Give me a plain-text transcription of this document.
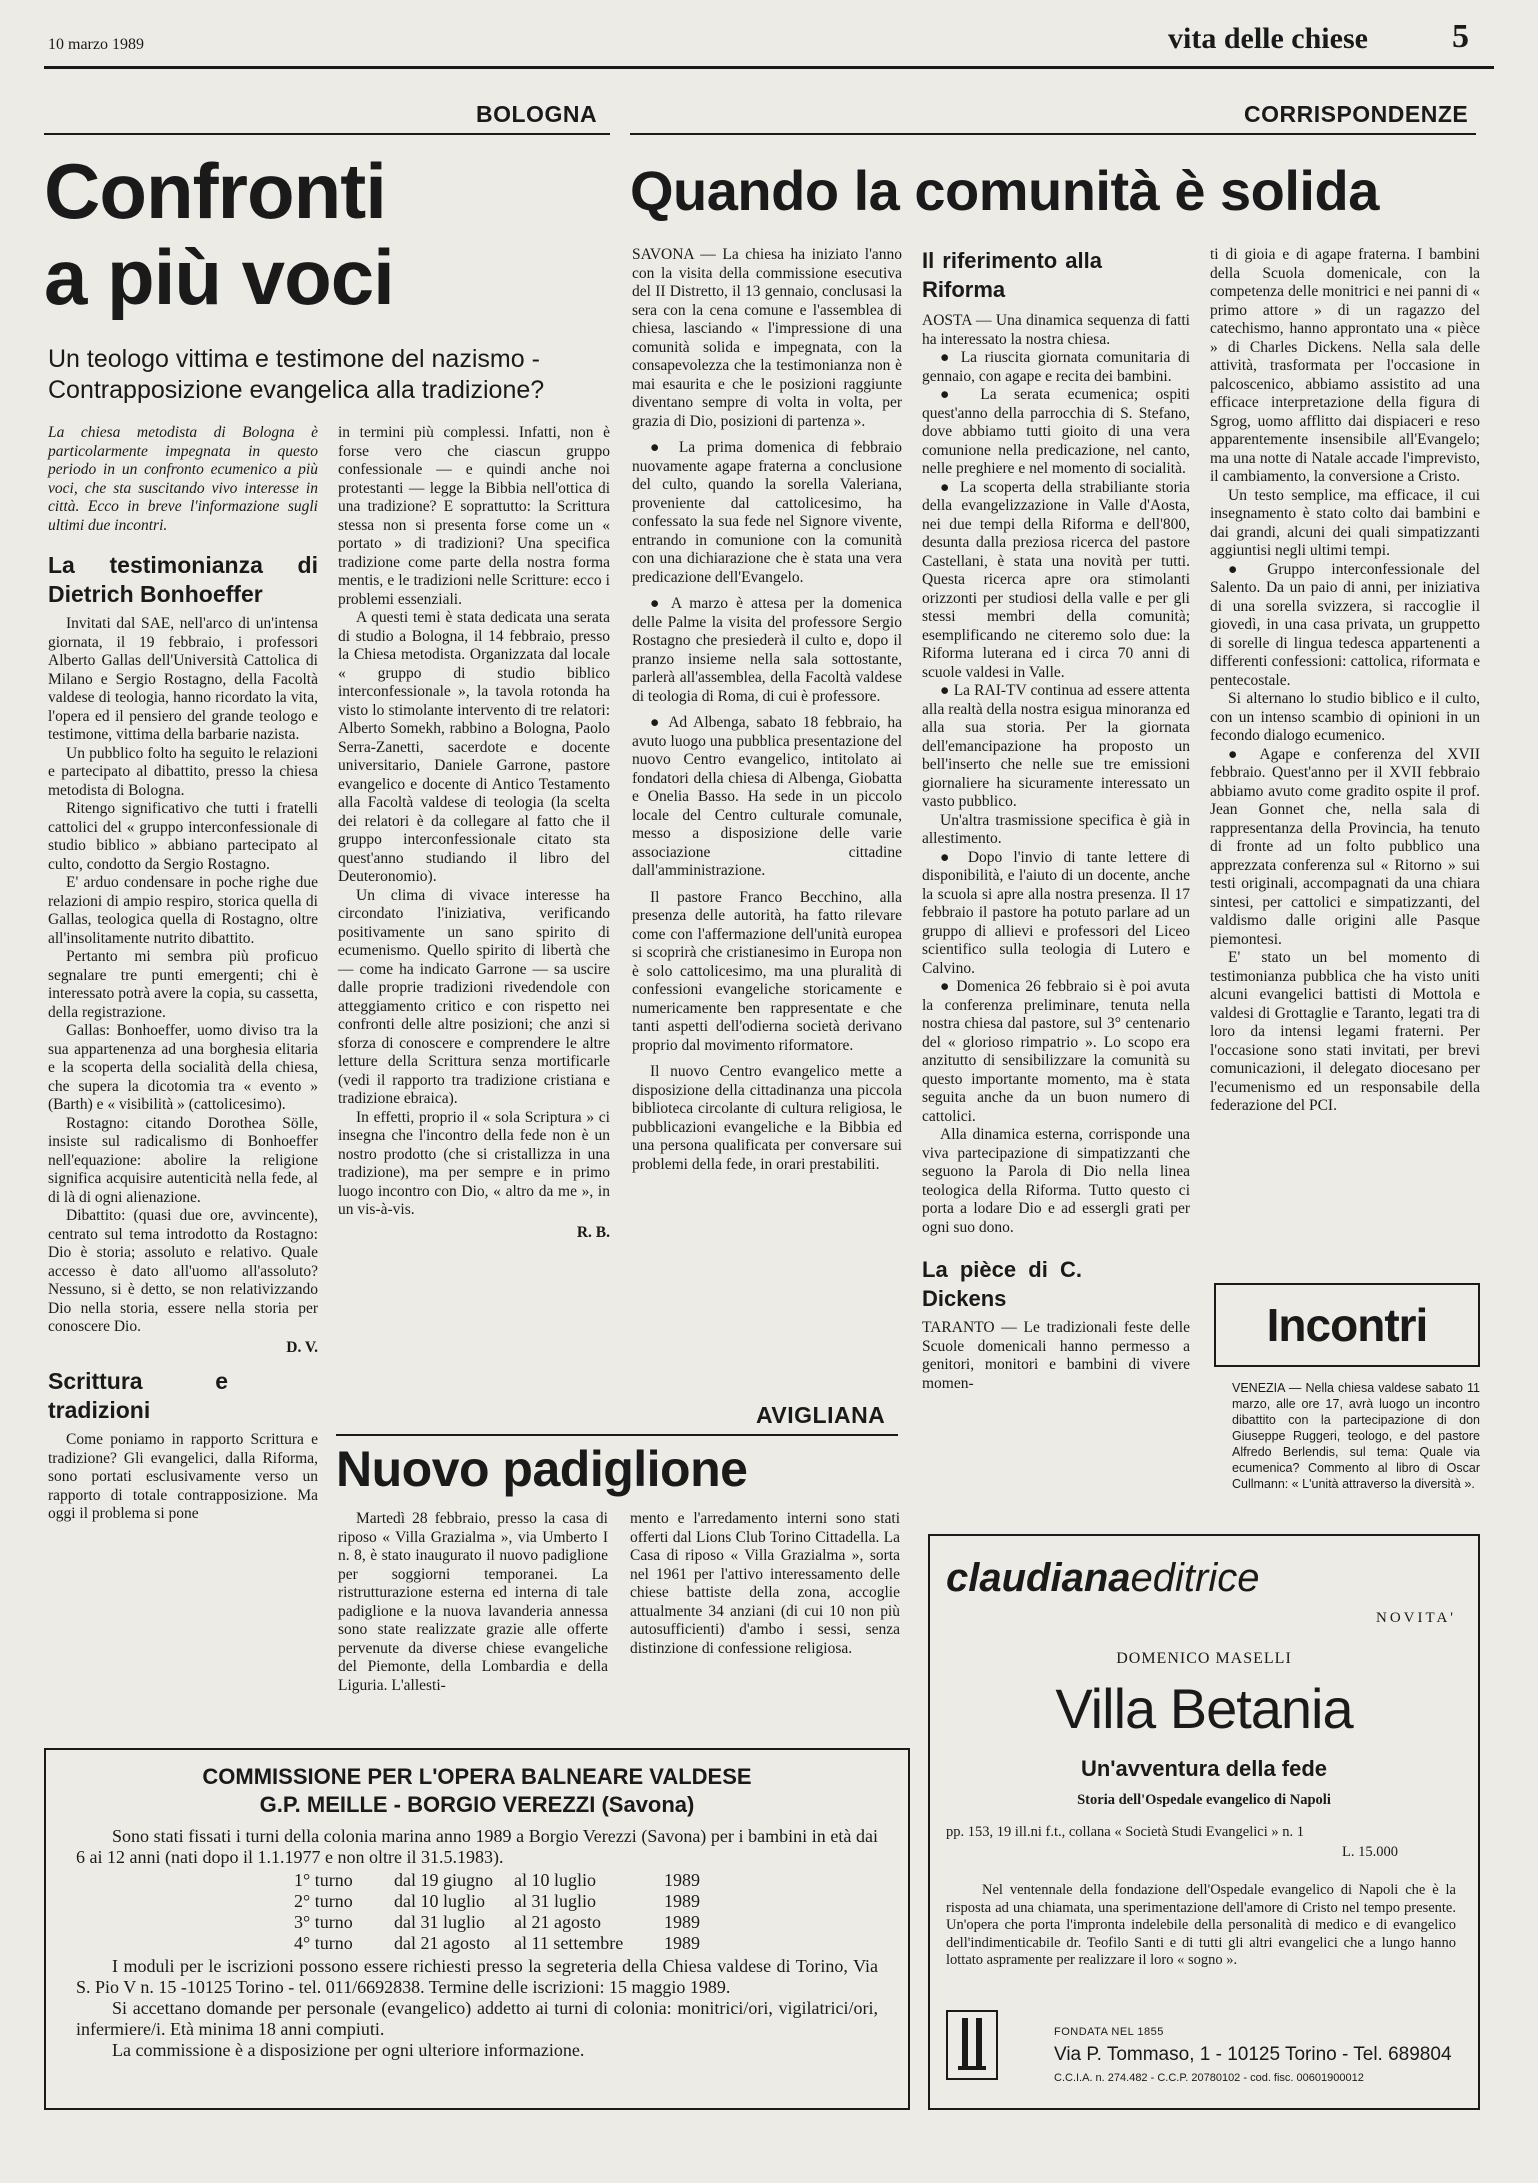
10 marzo 1989	vita delle chiese 5
BOLOGNA
Confronti
a più voci
Un teologo vittima e testimone del nazismo - Contrapposizione evangelica alla tradizione?
La chiesa metodista di Bologna è particolarmente impegnata in questo periodo in un confronto ecumenico a più voci, che sta suscitando vivo interesse in città. Ecco in breve l'informazione sugli ultimi due incontri.
La testimonianza di Dietrich Bonhoeffer

Invitati dal SAE, nell'arco di un'intensa giornata, il 19 febbraio, i professori Alberto Gallas dell'Università Cattolica di Milano e Sergio Rostagno, della Facoltà valdese di teologia, hanno ricordato la vita, l'opera ed il pensiero del grande teologo e testimone, vittima della barbarie nazista.

Un pubblico folto ha seguito le relazioni e partecipato al dibattito, presso la chiesa metodista di Bologna.

Ritengo significativo che tutti i fratelli cattolici del « gruppo interconfessionale di studio biblico » abbiano partecipato al culto, condotto da Sergio Rostagno.

E' arduo condensare in poche righe due relazioni di ampio respiro, storica quella di Gallas, teologica quella di Rostagno, oltre all'insolitamente nutrito dibattito.

Pertanto mi sembra più proficuo segnalare tre punti emergenti; chi è interessato potrà avere la copia, su cassetta, della registrazione.

Gallas: Bonhoeffer, uomo diviso tra la sua appartenenza ad una borghesia elitaria e la scoperta della socialità della chiesa, che supera la dicotomia tra « evento » (Barth) e « visibilità » (cattolicesimo).

Rostagno: citando Dorothea Sölle, insiste sul radicalismo di Bonhoeffer nell'equazione: abolire la religione significa acquisire autenticità nella fede, al di là di ogni alienazione.

Dibattito: (quasi due ore, avvincente), centrato sul tema introdotto da Rostagno: Dio è storia; assoluto e relativo. Quale accesso è dato all'uomo all'assoluto? Nessuno, si è detto, se non relativizzando Dio nella storia, essere nella storia per conoscere Dio.

D. V.
Scrittura e tradizioni

Come poniamo in rapporto Scrittura e tradizione? Gli evangelici, dalla Riforma, sono portati esclusivamente verso un rapporto di totale contrapposizione. Ma oggi il problema si pone

in termini più complessi. Infatti, non è forse vero che ciascun gruppo confessionale — e quindi anche noi protestanti — legge la Bibbia nell'ottica di una tradizione? E soprattutto: la Scrittura stessa non si presenta forse come un « portato » di tradizioni? Una specifica tradizione come parte della nostra forma mentis, e le tradizioni nelle Scritture: ecco i problemi essenziali.

A questi temi è stata dedicata una serata di studio a Bologna, il 14 febbraio, presso la Chiesa metodista. Organizzata dal locale « gruppo di studio biblico interconfessionale », la tavola rotonda ha visto lo stimolante intervento di tre relatori: Alberto Somekh, rabbino a Bologna, Paolo Serra-Zanetti, sacerdote e docente universitario, Daniele Garrone, pastore evangelico e docente di Antico Testamento alla Facoltà valdese di teologia (la scelta dei relatori è da collegare al fatto che il gruppo interconfessionale citato sta quest'anno studiando il libro del Deuteronomio).

Un clima di vivace interesse ha circondato l'iniziativa, verificando positivamente un sano spirito di ecumenismo. Quello spirito di libertà che — come ha indicato Garrone — sa uscire dalle proprie tradizioni rivedendole con atteggiamento critico e con rispetto nei confronti delle altre posizioni; che anzi si sforza di conoscere e comprendere le altre letture della Scrittura senza mortificarle (vedi il rapporto tra tradizione cristiana e tradizione ebraica).

In effetti, proprio il « sola Scriptura » ci insegna che l'incontro della fede non è un nostro prodotto (che si cristallizza in una tradizione), ma per sempre e in primo luogo incontro con Dio, « altro da me », in un vis-à-vis.

R. B.
CORRISPONDENZE
Quando la comunità è solida

SAVONA — La chiesa ha iniziato l'anno con la visita della commissione esecutiva del II Distretto, il 13 gennaio, conclusasi la sera con la cena comune e l'assemblea di chiesa, lasciando « l'impressione di una comunità solida e impegnata, con la consapevolezza che la testimonianza non è mai esaurita e che le posizioni raggiunte diventano sempre di volta in volta, per grazia di Dio, posizioni di partenza ».

● La prima domenica di febbraio nuovamente agape fraterna a conclusione del culto, quando la sorella Valeriana, proveniente dal cattolicesimo, ha confessato la sua fede nel Signore vivente, entrando in comunione con la comunità con una dichiarazione che è stata una vera predicazione dell'Evangelo.

● A marzo è attesa per la domenica delle Palme la visita del professore Sergio Rostagno che presiederà il culto e, dopo il pranzo insieme nella sala sottostante, parlerà all'assemblea, della Facoltà valdese di teologia di Roma, di cui è professore.

● Ad Albenga, sabato 18 febbraio, ha avuto luogo una pubblica presentazione del nuovo Centro evangelico, intitolato ai fondatori della chiesa di Albenga, Giobatta e Onelia Basso. Ha sede in un piccolo locale del Centro culturale comunale, messo a disposizione delle varie associazione cittadine dall'amministrazione.

Il pastore Franco Becchino, alla presenza delle autorità, ha fatto rilevare come con l'affermazione dell'unità europea si scoprirà che cristianesimo in Europa non è solo cattolicesimo, ma una pluralità di confessioni evangeliche storicamente e numericamente ben rappresentate e che tanti aspetti dell'odierna società derivano proprio dal movimento riformatore.

Il nuovo Centro evangelico mette a disposizione della cittadinanza una piccola biblioteca circolante di cultura religiosa, le pubblicazioni evangeliche e la Bibbia ed una persona qualificata per conversare sui problemi della fede, in orari prestabiliti.

Il riferimento alla Riforma

AOSTA — Una dinamica sequenza di fatti ha interessato la nostra chiesa.

● La riuscita giornata comunitaria di gennaio, con agape e recita dei bambini.

● La serata ecumenica; ospiti quest'anno della parrocchia di S. Stefano, dove abbiamo tutti gioito di una vera comunione nella predicazione, nel canto, nelle preghiere e nel momento di socialità.

● La scoperta della strabiliante storia della evangelizzazione in Valle d'Aosta, nei due tempi della Riforma e dell'800, desunta dalla preziosa ricerca del pastore Castellani, è stata una novità per tutti. Questa ricerca apre ora stimolanti orizzonti per studiosi della valle e per gli stessi membri della comunità; esemplificando ne citeremo solo due: la Riforma luterana ed i circa 70 anni di scuole valdesi in Valle.

● La RAI-TV continua ad essere attenta alla realtà della nostra esigua minoranza ed alla sua storia. Per la giornata dell'emancipazione ha proposto un bell'inserto che nelle sue tre emissioni giornaliere ha sicuramente interessato un vasto pubblico.

Un'altra trasmissione specifica è già in allestimento.

● Dopo l'invio di tante lettere di disponibilità, e l'aiuto di un docente, anche la scuola si apre alla nostra presenza. Il 17 febbraio il pastore ha potuto parlare ad un gruppo di allievi e professori del Liceo scientifico sulla teologia di Lutero e Calvino.

● Domenica 26 febbraio si è poi avuta la conferenza preliminare, tenuta nella nostra chiesa dal pastore, sul 3° centenario del « glorioso rimpatrio ». Lo scopo era anzitutto di sensibilizzare la comunità su questo importante momento, ma è stata seguita anche da un buon numero di cattolici.

Alla dinamica esterna, corrisponde una viva partecipazione di simpatizzanti che seguono la Parola di Dio nella linea teologica della Riforma. Tutto questo ci porta a lodare Dio e ad essergli grati per ogni suo dono.

La pièce di C. Dickens

TARANTO — Le tradizionali feste delle Scuole domenicali hanno permesso a genitori, monitori e bambini di vivere momen-

ti di gioia e di agape fraterna. I bambini della Scuola domenicale, con la competenza delle monitrici e nei panni di « primo attore » di un ragazzo del catechismo, hanno approntato una « pièce » di Charles Dickens. Nella sala delle attività, trasformata per l'occasione in palcoscenico, abbiamo assistito ad una efficace interpretazione della figura di Sgrog, uomo afflitto dai dispiaceri e reso apparentemente insensibile all'Evangelo; ma una notte di Natale accade l'imprevisto, il cambiamento, la conversione a Cristo.

Un testo semplice, ma efficace, il cui insegnamento è stato colto dai bambini e dai grandi, alcuni dei quali simpatizzanti aggiuntisi negli ultimi tempi.

● Gruppo interconfessionale del Salento. Da un paio di anni, per iniziativa di una sorella svizzera, si raccoglie il giovedì, in una casa privata, un gruppetto di sorelle di lingua tedesca appartenenti a differenti confessioni: cattolica, riformata e pentecostale.

Si alternano lo studio biblico e il culto, con un intenso scambio di opinioni in un fecondo dialogo ecumenico.

● Agape e conferenza del XVII febbraio. Quest'anno per il XVII febbraio abbiamo avuto come gradito ospite il prof. Jean Gonnet che, nella sala di rappresentanza della Provincia, ha tenuto di fronte ad un folto pubblico una apprezzata conferenza sul « Ritorno » sui testi originali, accompagnati da una chiara sintesi, per cattolici e simpatizzanti, del valdismo dalle origini alle Pasque piemontesi.

E' stato un bel momento di testimonianza pubblica che ha visto uniti alcuni evangelici battisti di Mottola e valdesi di Grottaglie e Taranto, legati tra di loro da intensi legami fraterni. Per l'occasione sono stati invitati, per brevi comunicazioni, il delegato diocesano per l'ecumenismo ed un responsabile della federazione del PCI.

Incontri
VENEZIA — Nella chiesa valdese sabato 11 marzo, alle ore 17, avrà luogo un incontro dibattito con la partecipazione di don Giuseppe Ruggeri, teologo, e del pastore Alfredo Berlendis, sul tema: Quale via ecumenica? Commento al libro di Oscar Cullmann: « L'unità attraverso la diversità ».
AVIGLIANA
Nuovo padiglione

Martedì 28 febbraio, presso la casa di riposo « Villa Grazialma », via Umberto I n. 8, è stato inaugurato il nuovo padiglione per soggiorni temporanei. La ristrutturazione esterna ed interna di tale padiglione e la nuova lavanderia annessa sono state realizzate grazie alle offerte pervenute da diverse chiese evangeliche del Piemonte, della Lombardia e della Liguria. L'allesti-

mento e l'arredamento interni sono stati offerti dal Lions Club Torino Cittadella. La Casa di riposo « Villa Grazialma », sorta nel 1961 per l'attivo interessamento delle chiese battiste della zona, accoglie attualmente 34 anziani (di cui 10 non più autosufficienti) d'ambo i sessi, senza distinzione di confessione religiosa.

COMMISSIONE PER L'OPERA BALNEARE VALDESE
G.P. MEILLE - BORGIO VEREZZI (Savona)
Sono stati fissati i turni della colonia marina anno 1989 a Borgio Verezzi (Savona) per i bambini in età dai 6 ai 12 anni (nati dopo il 1.1.1977 e non oltre il 31.5.1983).
1° turno	dal 19 giugno	al 10 luglio	1989
2° turno	dal 10 luglio	al 31 luglio	1989
3° turno	dal 31 luglio	al 21 agosto	1989
4° turno	dal 21 agosto	al 11 settembre	1989
I moduli per le iscrizioni possono essere richiesti presso la segreteria della Chiesa valdese di Torino, Via S. Pio V n. 15 -10125 Torino - tel. 011/6692838. Termine delle iscrizioni: 15 maggio 1989.
Si accettano domande per personale (evangelico) addetto ai turni di colonia: monitrici/ori, vigilatrici/ori, infermiere/i. Età minima 18 anni compiuti.
La commissione è a disposizione per ogni ulteriore informazione.
claudianaeditrice
NOVITA'
DOMENICO MASELLI
Villa Betania
Un'avventura della fede
Storia dell'Ospedale evangelico di Napoli
pp. 153, 19 ill.ni f.t., collana « Società Studi Evangelici » n. 1
L. 15.000
Nel ventennale della fondazione dell'Ospedale evangelico di Napoli che è la risposta ad una chiamata, una sperimentazione dell'amore di Cristo nel tempo presente. Un'opera che porta l'impronta indelebile della personalità di medico e di evangelico dell'indimenticabile dr. Teofilo Santi e di tutti gli altri evangelici che a lungo hanno lottato aspramente per realizzare il loro « sogno ».
FONDATA NEL 1855
Via P. Tommaso, 1 - 10125 Torino - Tel. 689804
C.C.I.A. n. 274.482 - C.C.P. 20780102 - cod. fisc. 00601900012
